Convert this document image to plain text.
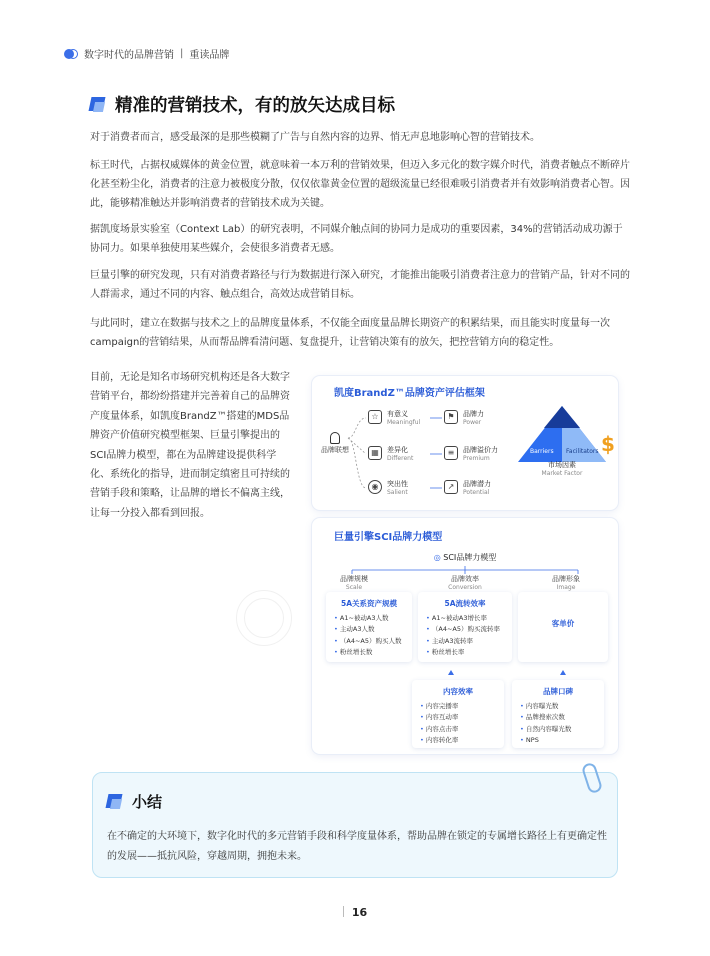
数字时代的品牌营销 | 重读品牌
精准的营销技术，有的放矢达成目标

对于消费者而言，感受最深的是那些模糊了广告与自然内容的边界、悄无声息地影响心智的营销技术。

标王时代，占据权威媒体的黄金位置，就意味着一本万利的营销效果，但迈入多元化的数字媒介时代，消费者触点不断碎片化甚至粉尘化，消费者的注意力被极度分散，仅仅依靠黄金位置的超级流量已经很难吸引消费者并有效影响消费者心智。因此，能够精准触达并影响消费者的营销技术成为关键。

据凯度场景实验室（Context Lab）的研究表明，不同媒介触点间的协同力是成功的重要因素，34%的营销活动成功源于协同力。如果单独使用某些媒介，会使很多消费者无感。

巨量引擎的研究发现，只有对消费者路径与行为数据进行深入研究，才能推出能吸引消费者注意力的营销产品，针对不同的人群需求，通过不同的内容、触点组合，高效达成营销目标。

与此同时，建立在数据与技术之上的品牌度量体系，不仅能全面度量品牌长期资产的积累结果，而且能实时度量每一次campaign的营销结果，从而帮品牌看清问题、复盘提升，让营销决策有的放矢，把控营销方向的稳定性。

目前，无论是知名市场研究机构还是各大数字营销平台，都纷纷搭建并完善着自己的品牌资产度量体系，如凯度BrandZ™搭建的MDS品牌资产价值研究模型框架、巨量引擎提出的SCI品牌力模型，都在为品牌建设提供科学化、系统化的指导，进而制定缜密且可持续的营销手段和策略，让品牌的增长不偏离主线，让每一分投入都看到回报。

凯度BrandZ™品牌资产评估框架
品牌联想
☆	有意义
Meaningful
▦	差异化
Different
◉	突出性
Salient
⚑	品牌力
Power
≡	品牌溢价力
Premium
↗	品牌潜力
Potential
Barriers Facilitators
市场因素
Market Factor
$
巨量引擎SCI品牌力模型
◎ SCI品牌力模型
品牌规模
Scale
品牌效率
Conversion
品牌形象
Image
5A关系资产规模
• A1~被动A3人数
• 主动A3人数
• （A4~A5）购买人数
• 粉丝增长数
5A流转效率
• A1~被动A3增长率
• （A4~A5）购买流转率
• 主动A3流转率
• 粉丝增长率
客单价
内容效率
• 内容完播率
• 内容互动率
• 内容点击率
• 内容转化率
品牌口碑
• 内容曝光数
• 品牌搜索次数
• 自然内容曝光数
• NPS
小结

在不确定的大环境下，数字化时代的多元营销手段和科学度量体系，帮助品牌在锁定的专属增长路径上有更确定性的发展——抵抗风险，穿越周期，拥抱未来。

16
